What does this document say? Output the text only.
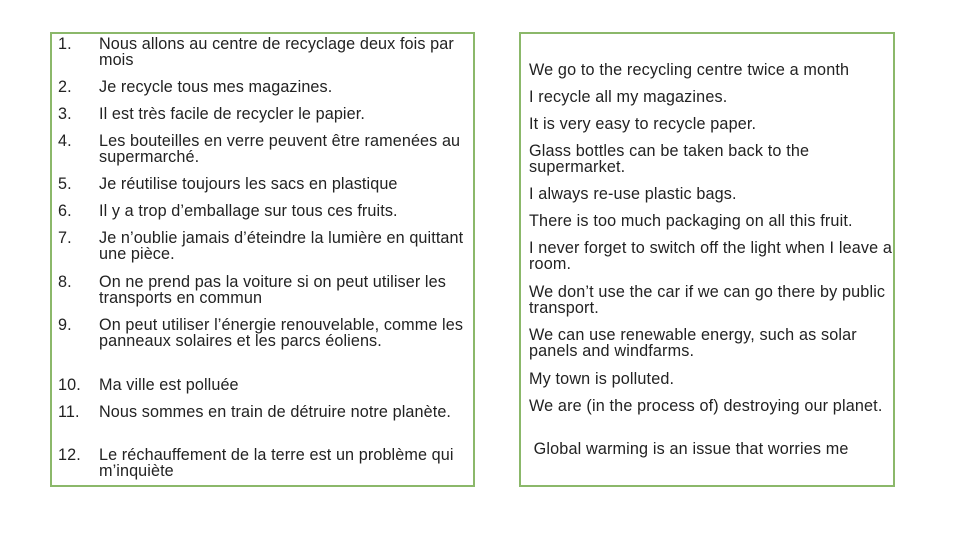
1. Nous allons au centre de recyclage deux fois par mois
2. Je recycle tous mes magazines.
3. Il est très facile de recycler le papier.
4. Les bouteilles en verre peuvent être ramenées au supermarché.
5. Je réutilise toujours les sacs en plastique
6. Il y a trop d’emballage sur tous ces fruits.
7. Je n’oublie jamais d’éteindre la lumière en quittant une pièce.
8. On ne prend pas la voiture si on peut utiliser les transports en commun
9. On peut utiliser l’énergie renouvelable, comme les panneaux solaires et les parcs éoliens.
10. Ma ville est polluée
11. Nous sommes en train de détruire notre planète.
12. Le réchauffement de la terre est un problème qui m’inquiète
We go to the recycling centre twice a month
I recycle all my magazines.
It is very easy to recycle paper.
Glass bottles can be taken back to the supermarket.
I always re-use plastic bags.
There is too much packaging on all this fruit.
I never forget to switch off the light when I leave a room.
We don’t use the car if we can go there by public transport.
We can use renewable energy, such as solar panels and windfarms.
My town is polluted.
We are (in the process of) destroying our planet.
Global warming is an issue that worries me
